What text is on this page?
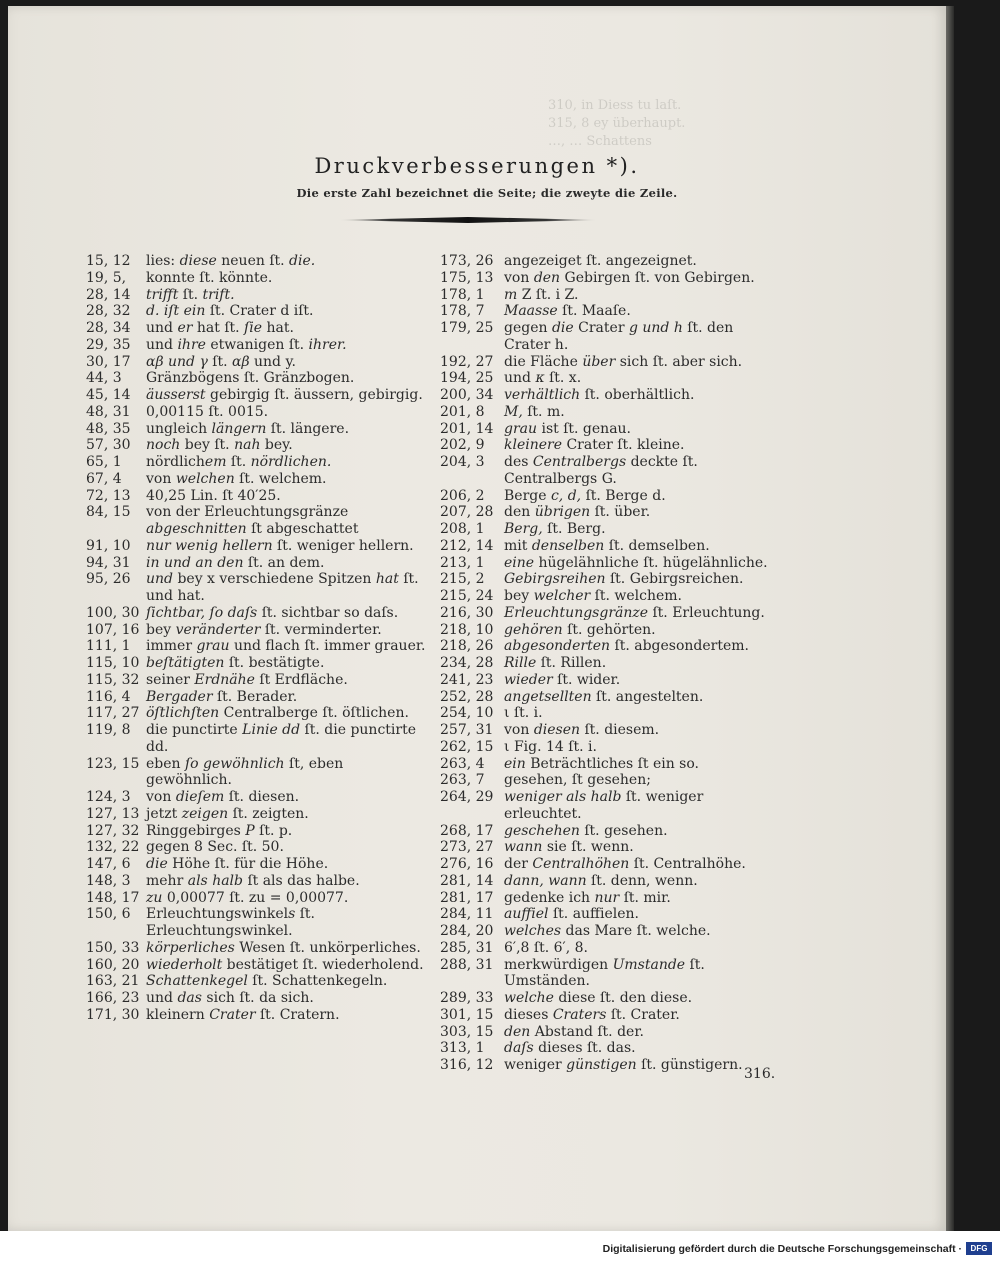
310, in Diess tu laſt.
315, 8 ey überhaupt.
…, … Schattens
Druckverbesserungen *).
Die erste Zahl bezeichnet die Seite; die zweyte die Zeile.
15, 12	lies: diese neuen ſt. die.
19, 5,	konnte ſt. könnte.
28, 14	trifft ſt. trift.
28, 32	d. iſt ein ſt. Crater d iſt.
28, 34	und er hat ſt. ſie hat.
29, 35	und ihre etwanigen ſt. ihrer.
30, 17	αβ und γ ſt. αβ und y.
44, 3	Gränzbögens ſt. Gränzbogen.
45, 14	äusserst gebirgig ſt. äussern, gebirgig.
48, 31	0,00115 ſt. 0015.
48, 35	ungleich längern ſt. längere.
57, 30	noch bey ſt. nah bey.
65, 1	nördlichem ſt. nördlichen.
67, 4	von welchen ſt. welchem.
72, 13	40,25 Lin. ſt 40′25.
84, 15	von der Erleuchtungsgränze abgeschnitten ſt abgeschattet
91, 10	nur wenig hellern ſt. weniger hellern.
94, 31	in und an den ſt. an dem.
95, 26	und bey x verschiedene Spitzen hat ſt. und hat.
100, 30 ſichtbar, ſo daſs ſt. sichtbar so daſs.
107, 16 bey veränderter ſt. verminderter.
111, 1	immer grau und flach ſt. immer grauer.
115, 10 beſtätigten ſt. bestätigte.
115, 32 seiner Erdnähe ſt Erdfläche.
116, 4	Bergader ſt. Berader.
117, 27 öſtlichſten Centralberge ſt. öſtlichen.
119, 8	die punctirte Linie dd ſt. die punctirte dd.
123, 15 eben ſo gewöhnlich ſt, eben gewöhnlich.
124, 3	von dieſem ſt. diesen.
127, 13 jetzt zeigen ſt. zeigten.
127, 32 Ringgebirges P ſt. p.
132, 22 gegen 8 Sec. ſt. 50.
147, 6	die Höhe ſt. für die Höhe.
148, 3	mehr als halb ſt als das halbe.
148, 17 zu 0,00077 ſt. zu = 0,00077.
150, 6	Erleuchtungswinkels ſt. Erleuchtungswinkel.
150, 33 körperliches Wesen ſt. unkörperliches.
160, 20 wiederholt bestätiget ſt. wiederholend.
163, 21 Schattenkegel ſt. Schattenkegeln.
166, 23 und das sich ſt. da sich.
171, 30 kleinern Crater ſt. Cratern.
173, 26 angezeiget ſt. angezeignet.
175, 13 von den Gebirgen ſt. von Gebirgen.
178, 1	m Z ſt. i Z.
178, 7	Maasse ſt. Maaſe.
179, 25 gegen die Crater g und h ſt. den Crater h.
192, 27 die Fläche über sich ſt. aber sich.
194, 25 und κ ſt. x.
200, 34 verhältlich ſt. oberhältlich.
201, 8	M, ſt. m.
201, 14 grau ist ſt. genau.
202, 9	kleinere Crater ſt. kleine.
204, 3	des Centralbergs deckte ſt. Centralbergs G.
206, 2	Berge c, d, ſt. Berge d.
207, 28 den übrigen ſt. über.
208, 1	Berg, ſt. Berg.
212, 14 mit denselben ſt. demselben.
213, 1	eine hügelähnliche ſt. hügelähnliche.
215, 2	Gebirgsreihen ſt. Gebirgsreichen.
215, 24 bey welcher ſt. welchem.
216, 30 Erleuchtungsgränze ſt. Erleuchtung.
218, 10 gehören ſt. gehörten.
218, 26 abgesonderten ſt. abgesondertem.
234, 28 Rille ſt. Rillen.
241, 23 wieder ſt. wider.
252, 28 angetsellten ſt. angestelten.
254, 10 ι ſt. i.
257, 31 von diesen ſt. diesem.
262, 15 ι Fig. 14 ſt. i.
263, 4	ein Beträchtliches ſt ein so.
263, 7	gesehen, ſt gesehen;
264, 29 weniger als halb ſt. weniger erleuchtet.
268, 17 geschehen ſt. gesehen.
273, 27 wann sie ſt. wenn.
276, 16 der Centralhöhen ſt. Centralhöhe.
281, 14 dann, wann ſt. denn, wenn.
281, 17 gedenke ich nur ſt. mir.
284, 11 auffiel ſt. auffielen.
284, 20 welches das Mare ſt. welche.
285, 31 6′,8 ſt. 6′, 8.
288, 31 merkwürdigen Umstande ſt. Umständen.
289, 33 welche diese ſt. den diese.
301, 15 dieses Craters ſt. Crater.
303, 15 den Abstand ſt. der.
313, 1	daſs dieses ſt. das.
316, 12 weniger günstigen ſt. günstigern.
316.
Digitalisierung gefördert durch die Deutsche Forschungsgemeinschaft ·	DFG
